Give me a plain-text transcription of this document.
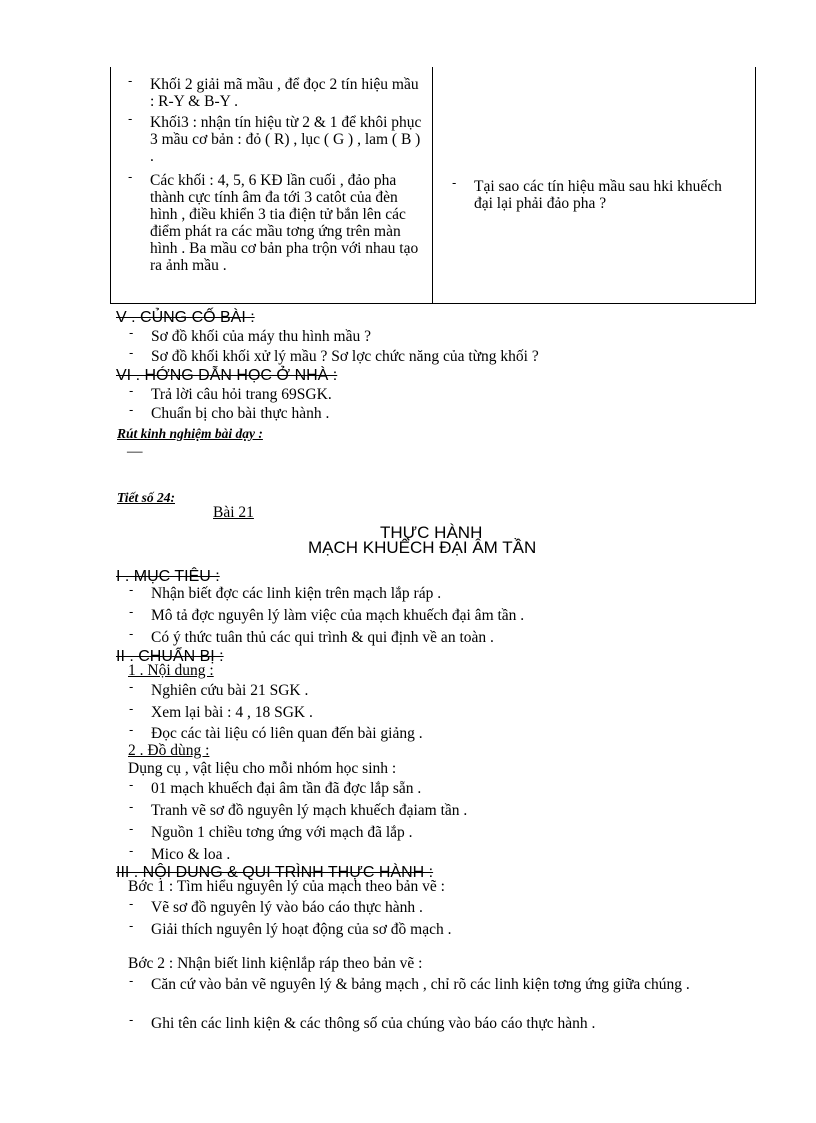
- Khối 2 giải mã mầu , để đọc 2 tín hiệu mầu : R-Y & B-Y .
- Khối3 : nhận tín hiệu từ 2 & 1 để khôi phục 3 mầu cơ bản : đỏ ( R) , lục ( G ) , lam ( B ) .
- Các khối : 4, 5, 6 KĐ lần cuối , đảo pha thành cực tính âm đa tới 3 catôt của đèn hình , điều khiển 3 tia điện tử bắn lên các điểm phát ra các mầu tơng ứng trên màn hình . Ba mầu cơ bản pha trộn với nhau tạo ra ảnh mầu .
- Tại sao các tín hiệu mầu sau hki khuếch đại lại phải đảo pha ?
V . CỦNG CỐ BÀI :
- Sơ đồ khối của máy thu hình mầu ?
- Sơ đồ khối khối xử lý mầu ? Sơ lợc chức năng của từng khối ?
VI . HỚNG DẪN HỌC Ở NHÀ :
- Trả lời câu hỏi trang 69SGK.
- Chuẩn bị cho bài thực hành .
Rút kinh nghiệm bài dạy :
—
Tiết số 24:
Bài 21
THỰC HÀNH
MẠCH KHUẾCH ĐẠI ÂM TẦN
I . MỤC TIÊU :
- Nhận biết đợc các linh kiện trên mạch lắp ráp .
- Mô tả đợc nguyên lý làm việc của mạch khuếch đại âm tần .
- Có ý thức tuân thủ các qui trình & qui định về an toàn .
II . CHUẨN BỊ :
1 . Nội dung :
- Nghiên cứu bài 21 SGK .
- Xem lại bài : 4 , 18 SGK .
- Đọc các tài liệu có liên quan đến bài giảng .
2 . Đồ dùng :
Dụng cụ , vật liệu cho mỗi nhóm học sinh :
- 01 mạch khuếch đại âm tần đã đợc lắp sẵn .
- Tranh vẽ sơ đồ nguyên lý mạch khuếch đạiam tần .
- Nguồn 1 chiều tơng ứng với mạch đã lắp .
- Mico & loa .
III . NỘI DUNG & QUI TRÌNH THỰC HÀNH :
Bớc 1 : Tìm hiểu nguyên lý của mạch theo bản vẽ :
- Vẽ sơ đồ nguyên lý vào báo cáo thực hành .
- Giải thích nguyên lý hoạt động của sơ đồ mạch .
Bớc 2 : Nhận biết linh kiệnlắp ráp theo bản vẽ :
- Căn cứ vào bản vẽ nguyên lý & bảng mạch , chỉ rõ các linh kiện tơng ứng giữa chúng .
- Ghi tên các linh kiện & các thông số của chúng vào báo cáo thực hành .
